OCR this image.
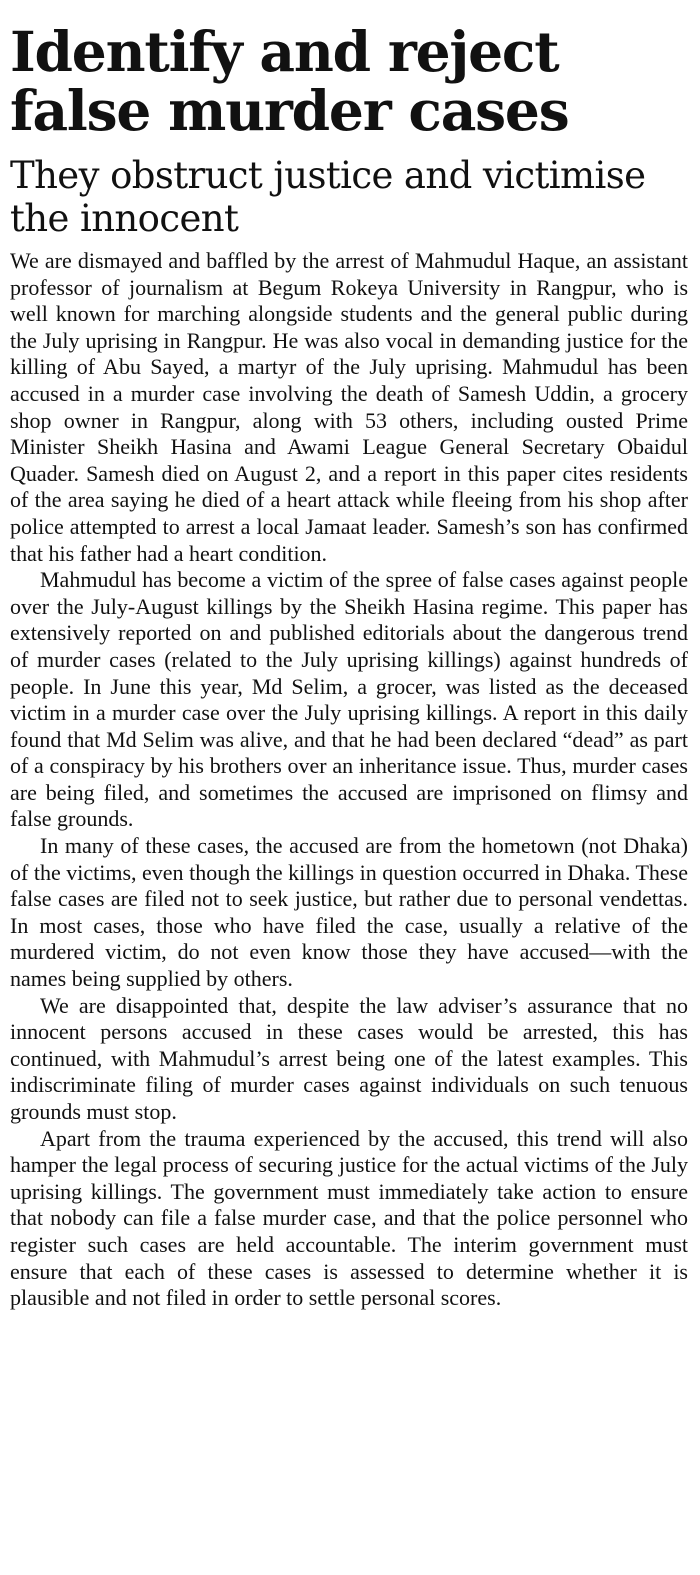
Identify and reject false murder cases
They obstruct justice and victimise the innocent

We are dismayed and baffled by the arrest of Mahmudul Haque, an assistant professor of journalism at Begum Rokeya University in Rangpur, who is well known for marching alongside students and the general public during the July uprising in Rangpur. He was also vocal in demanding justice for the killing of Abu Sayed, a martyr of the July uprising. Mahmudul has been accused in a murder case involving the death of Samesh Uddin, a grocery shop owner in Rangpur, along with 53 others, including ousted Prime Minister Sheikh Hasina and Awami League General Secretary Obaidul Quader. Samesh died on August 2, and a report in this paper cites residents of the area saying he died of a heart attack while fleeing from his shop after police attempted to arrest a local Jamaat leader. Samesh’s son has confirmed that his father had a heart condition.

Mahmudul has become a victim of the spree of false cases against people over the July-August killings by the Sheikh Hasina regime. This paper has extensively reported on and published editorials about the dangerous trend of murder cases (related to the July uprising killings) against hundreds of people. In June this year, Md Selim, a grocer, was listed as the deceased victim in a murder case over the July uprising killings. A report in this daily found that Md Selim was alive, and that he had been declared “dead” as part of a conspiracy by his brothers over an inheritance issue. Thus, murder cases are being filed, and sometimes the accused are imprisoned on flimsy and false grounds.

In many of these cases, the accused are from the hometown (not Dhaka) of the victims, even though the killings in question occurred in Dhaka. These false cases are filed not to seek justice, but rather due to personal vendettas. In most cases, those who have filed the case, usually a relative of the murdered victim, do not even know those they have accused—with the names being supplied by others.

We are disappointed that, despite the law adviser’s assurance that no innocent persons accused in these cases would be arrested, this has continued, with Mahmudul’s arrest being one of the latest examples. This indiscriminate filing of murder cases against individuals on such tenuous grounds must stop.

Apart from the trauma experienced by the accused, this trend will also hamper the legal process of securing justice for the actual victims of the July uprising killings. The government must immediately take action to ensure that nobody can file a false murder case, and that the police personnel who register such cases are held accountable. The interim government must ensure that each of these cases is assessed to determine whether it is plausible and not filed in order to settle personal scores.
